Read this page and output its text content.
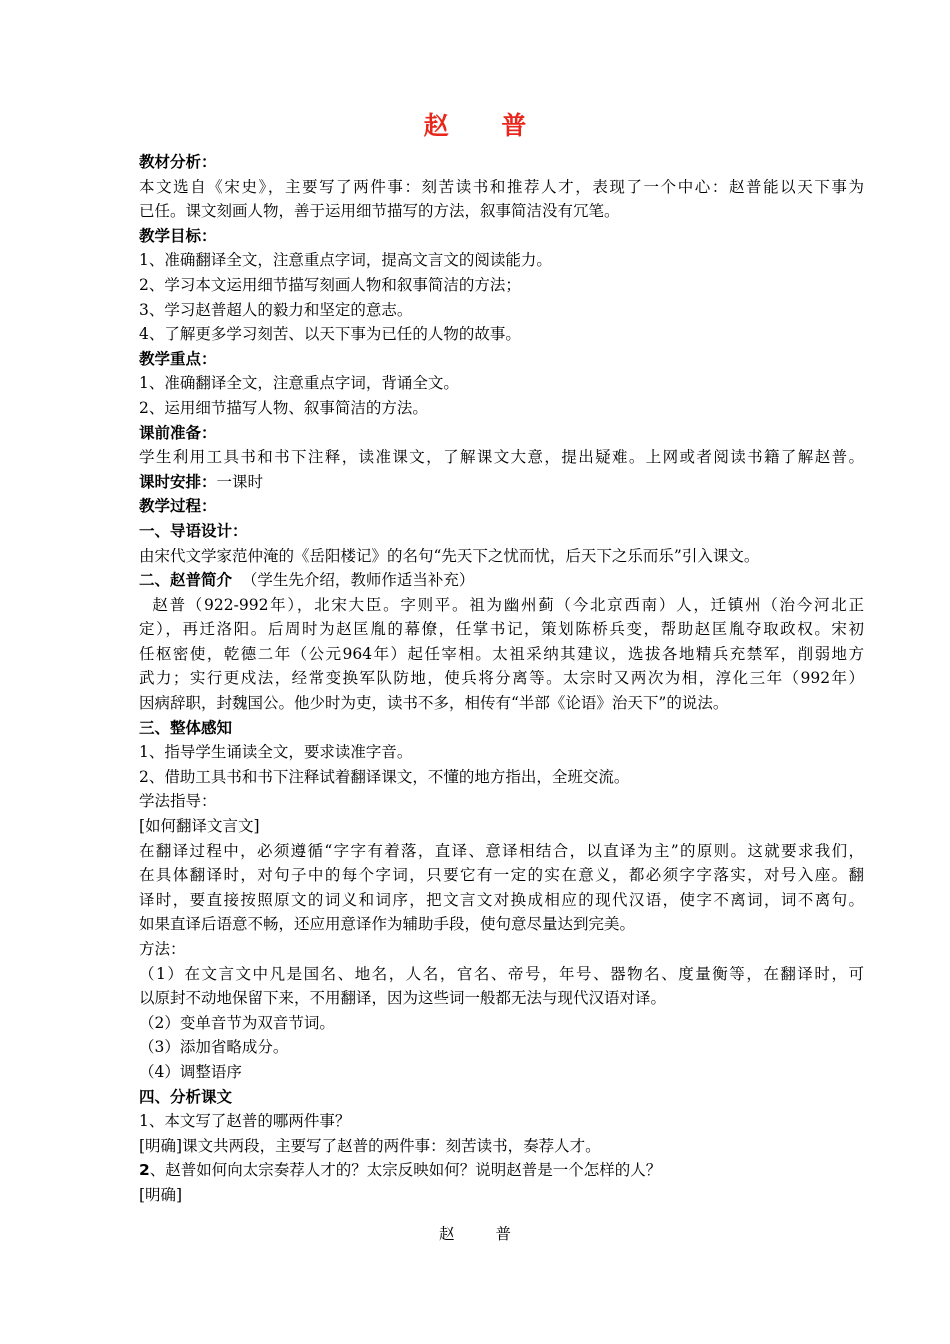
赵 普
教材分析：
本文选自《宋史》，主要写了两件事：刻苦读书和推荐人才，表现了一个中心：赵普能以天下事为
已任。课文刻画人物，善于运用细节描写的方法，叙事简洁没有冗笔。
教学目标：
1、准确翻译全文，注意重点字词，提高文言文的阅读能力。
2、学习本文运用细节描写刻画人物和叙事简洁的方法；
3、学习赵普超人的毅力和坚定的意志。
4、了解更多学习刻苦、以天下事为已任的人物的故事。
教学重点：
1、准确翻译全文，注意重点字词，背诵全文。
2、运用细节描写人物、叙事简洁的方法。
课前准备：
学生利用工具书和书下注释，读准课文，了解课文大意，提出疑难。上网或者阅读书籍了解赵普。
课时安排：一课时
教学过程：
一、导语设计：
由宋代文学家范仲淹的《岳阳楼记》的名句“先天下之忧而忧，后天下之乐而乐”引入课文。
二、赵普简介  （学生先介绍，教师作适当补充）
赵普（922-992年），北宋大臣。字则平。祖为幽州蓟（今北京西南）人，迁镇州（治今河北正
定），再迁洛阳。后周时为赵匡胤的幕僚，任掌书记，策划陈桥兵变，帮助赵匡胤夺取政权。宋初
任枢密使，乾德二年（公元964年）起任宰相。太祖采纳其建议，选拔各地精兵充禁军，削弱地方
武力；实行更戍法，经常变换军队防地，使兵将分离等。太宗时又两次为相，淳化三年（992年）
因病辞职，封魏国公。他少时为吏，读书不多，相传有“半部《论语》治天下”的说法。
三、整体感知
1、指导学生诵读全文，要求读准字音。
2、借助工具书和书下注释试着翻译课文，不懂的地方指出，全班交流。
学法指导：
[如何翻译文言文]
在翻译过程中，必须遵循“字字有着落，直译、意译相结合，以直译为主”的原则。这就要求我们，
在具体翻译时，对句子中的每个字词，只要它有一定的实在意义，都必须字字落实，对号入座。翻
译时，要直接按照原文的词义和词序，把文言文对换成相应的现代汉语，使字不离词，词不离句。
如果直译后语意不畅，还应用意译作为辅助手段，使句意尽量达到完美。
方法：
（1）在文言文中凡是国名、地名，人名，官名、帝号，年号、器物名、度量衡等，在翻译时，可
以原封不动地保留下来，不用翻译，因为这些词一般都无法与现代汉语对译。
（2）变单音节为双音节词。
（3）添加省略成分。
（4）调整语序
四、分析课文
1、本文写了赵普的哪两件事？
[明确]课文共两段，主要写了赵普的两件事：刻苦读书，奏荐人才。
2、赵普如何向太宗奏荐人才的？太宗反映如何？说明赵普是一个怎样的人？
[明确]
赵 普
